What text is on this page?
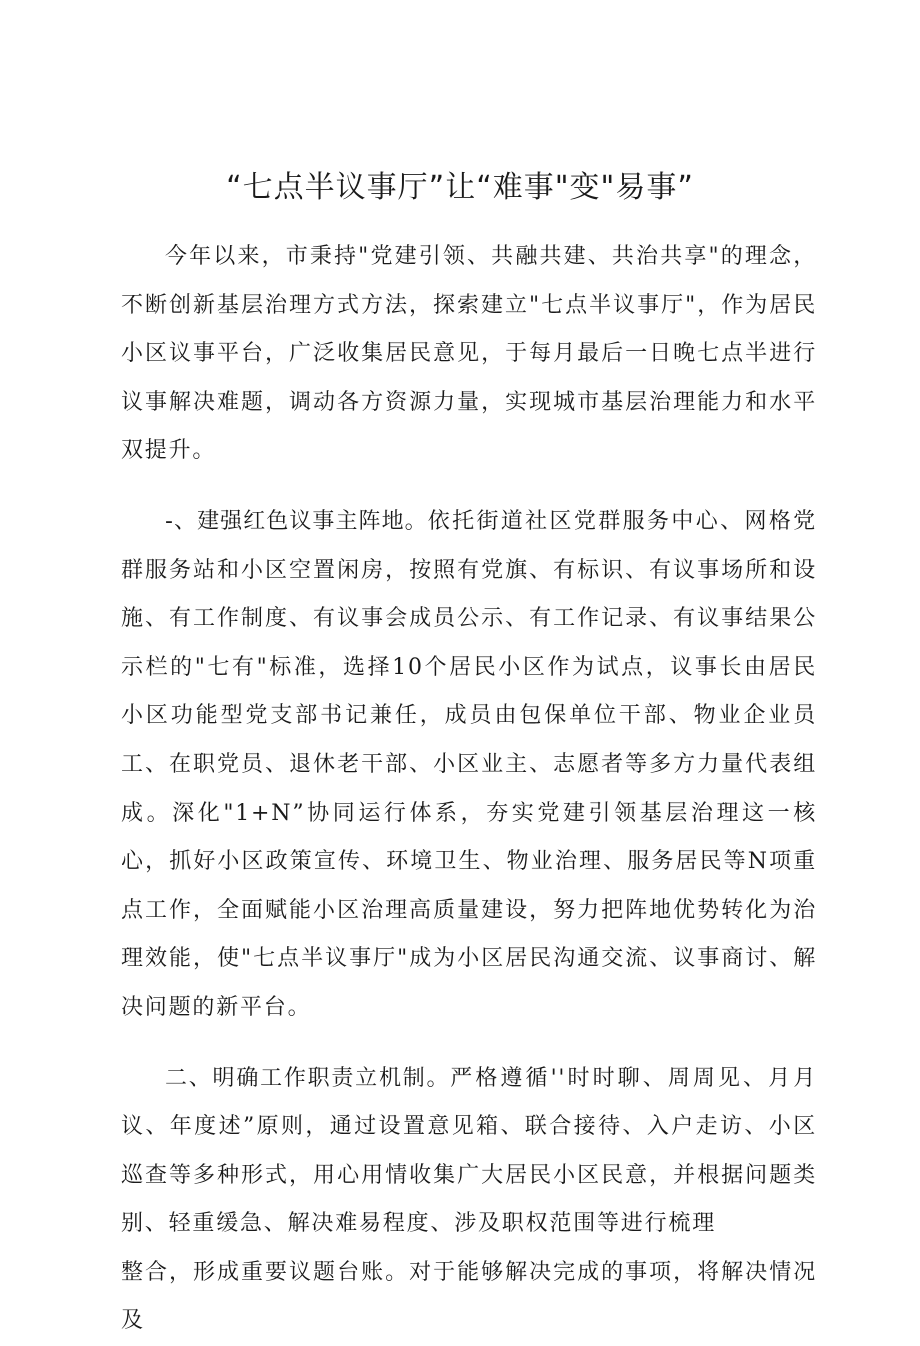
“七点半议事厅”让“难事"变"易事”

今年以来，市秉持"党建引领、共融共建、共治共享"的理念，不断创新基层治理方式方法，探索建立"七点半议事厅"，作为居民小区议事平台，广泛收集居民意见，于每月最后一日晚七点半进行议事解决难题，调动各方资源力量，实现城市基层治理能力和水平双提升。

-、建强红色议事主阵地。依托街道社区党群服务中心、网格党群服务站和小区空置闲房，按照有党旗、有标识、有议事场所和设施、有工作制度、有议事会成员公示、有工作记录、有议事结果公示栏的"七有"标准，选择10个居民小区作为试点，议事长由居民小区功能型党支部书记兼任，成员由包保单位干部、物业企业员工、在职党员、退休老干部、小区业主、志愿者等多方力量代表组成。深化"1+N”协同运行体系，夯实党建引领基层治理这一核心，抓好小区政策宣传、环境卫生、物业治理、服务居民等N项重点工作，全面赋能小区治理高质量建设，努力把阵地优势转化为治理效能，使"七点半议事厅"成为小区居民沟通交流、议事商讨、解决问题的新平台。

二、明确工作职责立机制。严格遵循''时时聊、周周见、月月议、年度述”原则，通过设置意见箱、联合接待、入户走访、小区巡查等多种形式，用心用情收集广大居民小区民意，并根据问题类别、轻重缓急、解决难易程度、涉及职权范围等进行梳理
整合，形成重要议题台账。对于能够解决完成的事项，将解决情况及
